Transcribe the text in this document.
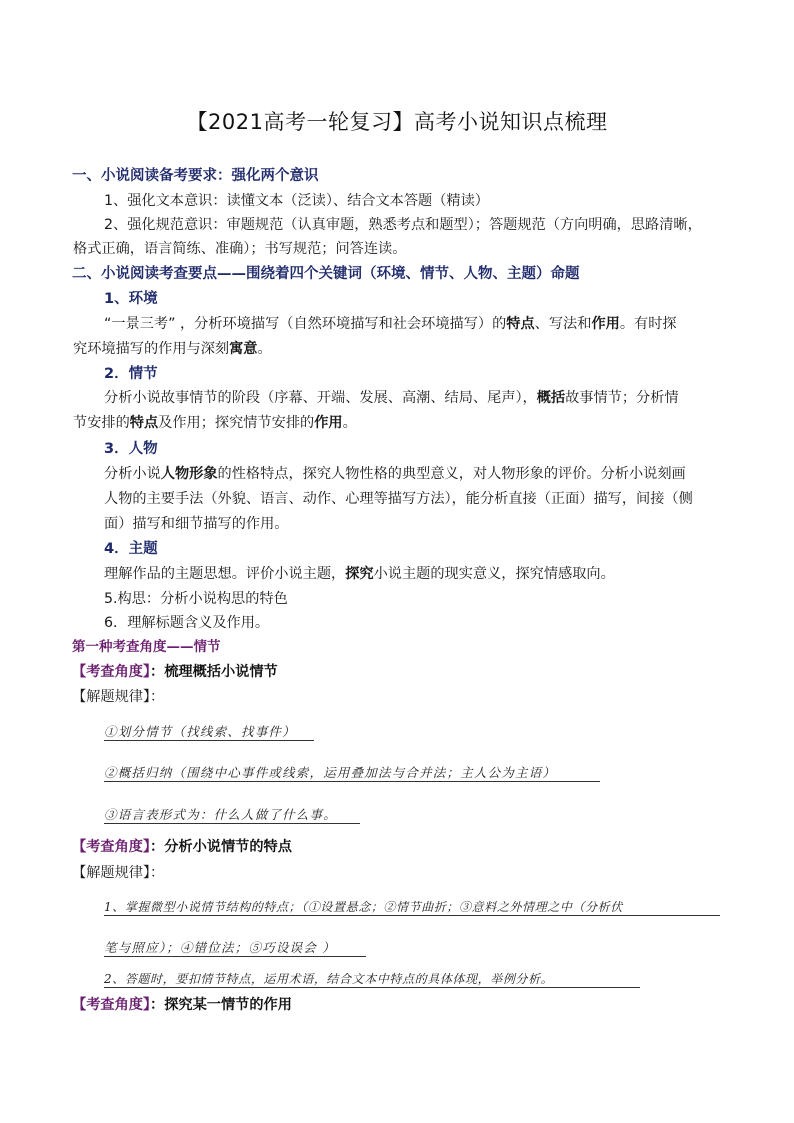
【2021高考一轮复习】高考小说知识点梳理
一、小说阅读备考要求：强化两个意识
1、强化文本意识：读懂文本（泛读）、结合文本答题（精读）
2、强化规范意识：审题规范（认真审题，熟悉考点和题型）；答题规范（方向明确，思路清晰，
格式正确，语言简练、准确）；书写规范；问答连读。
二、小说阅读考查要点——围绕着四个关键词（环境、情节、人物、主题）命题
1、环境
“一景三考” ，分析环境描写（自然环境描写和社会环境描写）的特点、写法和作用。有时探
究环境描写的作用与深刻寓意。
2．情节
分析小说故事情节的阶段（序幕、开端、发展、高潮、结局、尾声），概括故事情节；分析情
节安排的特点及作用；探究情节安排的作用。
3．人物
分析小说人物形象的性格特点，探究人物性格的典型意义，对人物形象的评价。分析小说刻画
人物的主要手法（外貌、语言、动作、心理等描写方法），能分析直接（正面）描写，间接（侧
面）描写和细节描写的作用。
4．主题
理解作品的主题思想。评价小说主题，探究小说主题的现实意义，探究情感取向。
5.构思：分析小说构思的特色
6．理解标题含义及作用。
第一种考查角度——情节
【考查角度】：梳理概括小说情节
【解题规律】：
①划分情节（找线索、找事件）
②概括归纳（围绕中心事件或线索，运用叠加法与合并法；主人公为主语）
③语言表形式为：什么人做了什么事。
【考查角度】：分析小说情节的特点
【解题规律】：
1、掌握微型小说情节结构的特点；（①设置悬念；②情节曲折；③意料之外情理之中（分析伏
笔与照应）；④错位法；⑤巧设误会 ）
2、答题时，要扣情节特点，运用术语，结合文本中特点的具体体现，举例分析。
【考查角度】：探究某一情节的作用
